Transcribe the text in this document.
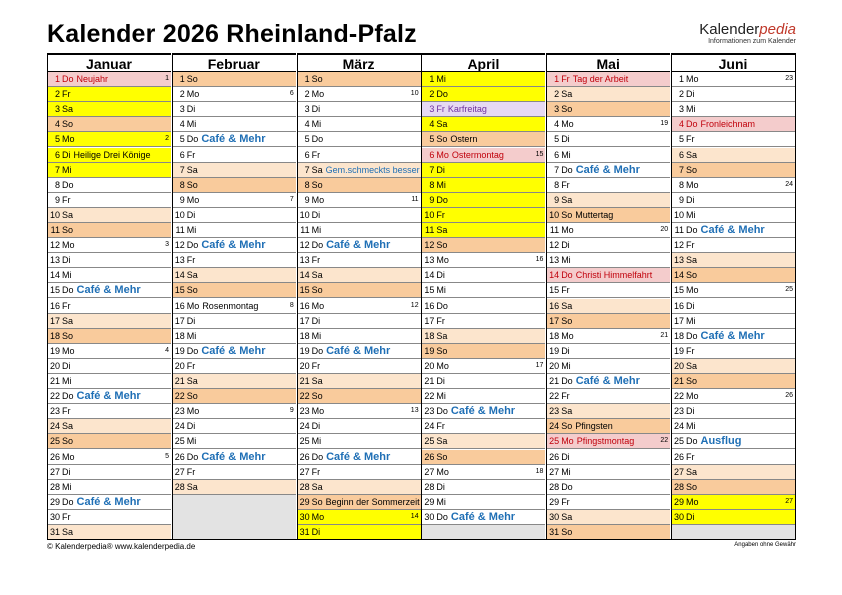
Kalender 2026 Rheinland-Pfalz	Kalenderpedia
Informationen zum Kalender
Januar
1 Do Neujahr	1
2 Fr
3 Sa
4 So
5 Mo	2
6 Di Heilige Drei Könige
7 Mi
8 Do
9 Fr
10 Sa
11 So
12 Mo	3
13 Di
14 Mi
15 Do Café & Mehr
16 Fr
17 Sa
18 So
19 Mo	4
20 Di
21 Mi
22 Do Café & Mehr
23 Fr
24 Sa
25 So
26 Mo	5
27 Di
28 Mi
29 Do Café & Mehr
30 Fr
31 Sa
Februar
1 So
2 Mo	6
3 Di
4 Mi
5 Do Café & Mehr
6 Fr
7 Sa
8 So
9 Mo	7
10 Di
11 Mi
12 Do Café & Mehr
13 Fr
14 Sa
15 So
16 Mo Rosenmontag	8
17 Di
18 Mi
19 Do Café & Mehr
20 Fr
21 Sa
22 So
23 Mo	9
24 Di
25 Mi
26 Do Café & Mehr
27 Fr
28 Sa
März
1 So
2 Mo	10
3 Di
4 Mi
5 Do
6 Fr
7 Sa Gem.schmeckts besser
8 So
9 Mo	11
10 Di
11 Mi
12 Do Café & Mehr
13 Fr
14 Sa
15 So
16 Mo	12
17 Di
18 Mi
19 Do Café & Mehr
20 Fr
21 Sa
22 So
23 Mo	13
24 Di
25 Mi
26 Do Café & Mehr
27 Fr
28 Sa
29 So Beginn der Sommerzeit
30 Mo	14
31 Di
April
1 Mi
2 Do
3 Fr Karfreitag
4 Sa
5 So Ostern
6 Mo Ostermontag	15
7 Di
8 Mi
9 Do
10 Fr
11 Sa
12 So
13 Mo	16
14 Di
15 Mi
16 Do
17 Fr
18 Sa
19 So
20 Mo	17
21 Di
22 Mi
23 Do Café & Mehr
24 Fr
25 Sa
26 So
27 Mo	18
28 Di
29 Mi
30 Do Café & Mehr
Mai
1 Fr Tag der Arbeit
2 Sa
3 So
4 Mo	19
5 Di
6 Mi
7 Do Café & Mehr
8 Fr
9 Sa
10 So Muttertag
11 Mo	20
12 Di
13 Mi
14 Do Christi Himmelfahrt
15 Fr
16 Sa
17 So
18 Mo	21
19 Di
20 Mi
21 Do Café & Mehr
22 Fr
23 Sa
24 So Pfingsten
25 Mo Pfingstmontag	22
26 Di
27 Mi
28 Do
29 Fr
30 Sa
31 So
Juni
1 Mo	23
2 Di
3 Mi
4 Do Fronleichnam
5 Fr
6 Sa
7 So
8 Mo	24
9 Di
10 Mi
11 Do Café & Mehr
12 Fr
13 Sa
14 So
15 Mo	25
16 Di
17 Mi
18 Do Café & Mehr
19 Fr
20 Sa
21 So
22 Mo	26
23 Di
24 Mi
25 Do Ausflug
26 Fr
27 Sa
28 So
29 Mo	27
30 Di
© Kalenderpedia® www.kalenderpedia.de	Angaben ohne Gewähr
